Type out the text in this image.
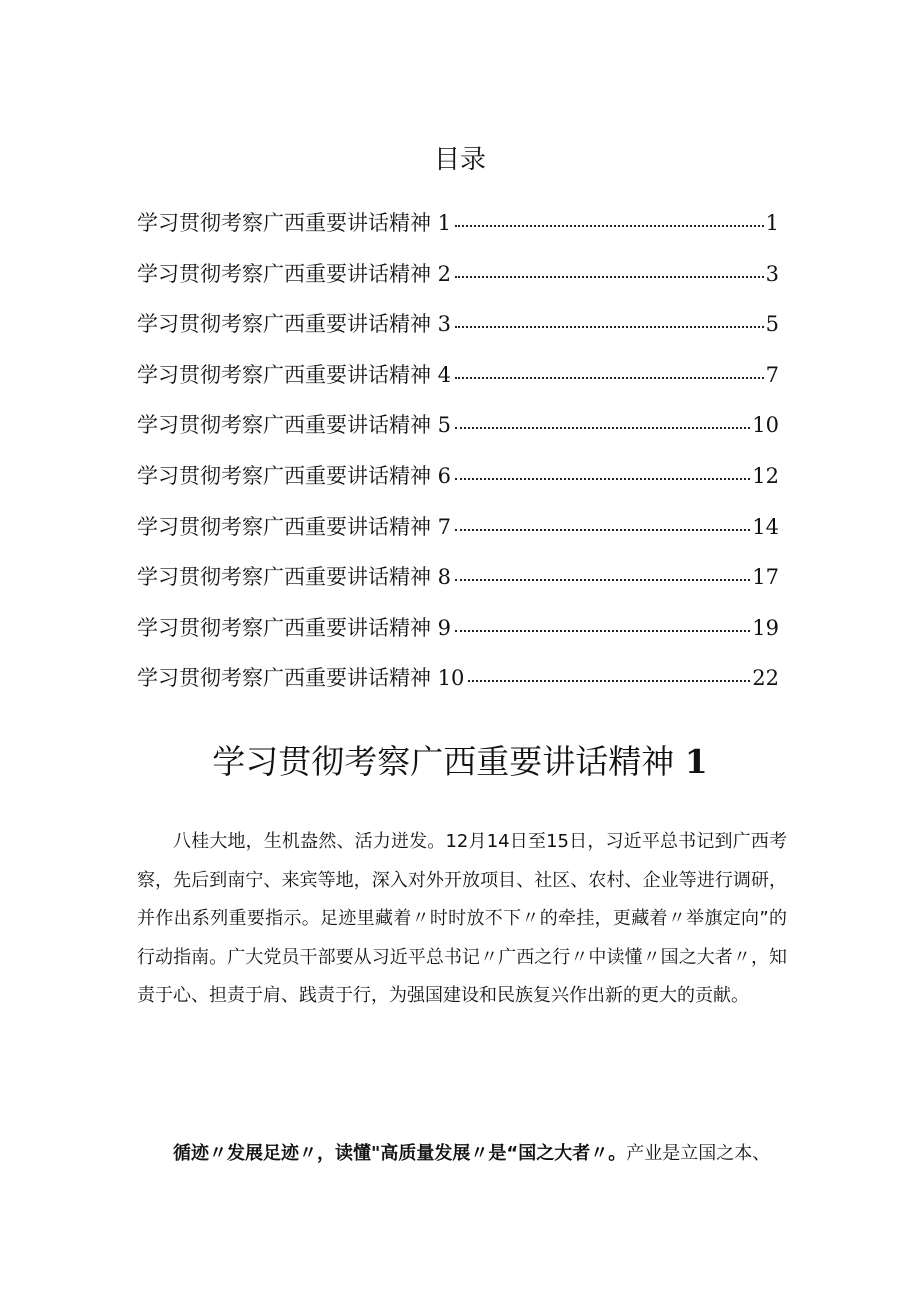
目录
学习贯彻考察广西重要讲话精神 1	1
学习贯彻考察广西重要讲话精神 2	3
学习贯彻考察广西重要讲话精神 3	5
学习贯彻考察广西重要讲话精神 4	7
学习贯彻考察广西重要讲话精神 5	10
学习贯彻考察广西重要讲话精神 6	12
学习贯彻考察广西重要讲话精神 7	14
学习贯彻考察广西重要讲话精神 8	17
学习贯彻考察广西重要讲话精神 9	19
学习贯彻考察广西重要讲话精神 10	22
学习贯彻考察广西重要讲话精神 1

八桂大地，生机盎然、活力迸发。12月14日至15日，习近平总书记到广西考察，先后到南宁、来宾等地，深入对外开放项目、社区、农村、企业等进行调研，并作出系列重要指示。足迹里藏着〃时时放不下〃的牵挂，更藏着〃举旗定向”的行动指南。广大党员干部要从习近平总书记〃广西之行〃中读懂〃国之大者〃，知责于心、担责于肩、践责于行，为强国建设和民族复兴作出新的更大的贡献。

循迹〃发展足迹〃，读懂"高质量发展〃是“国之大者〃。产业是立国之本、
